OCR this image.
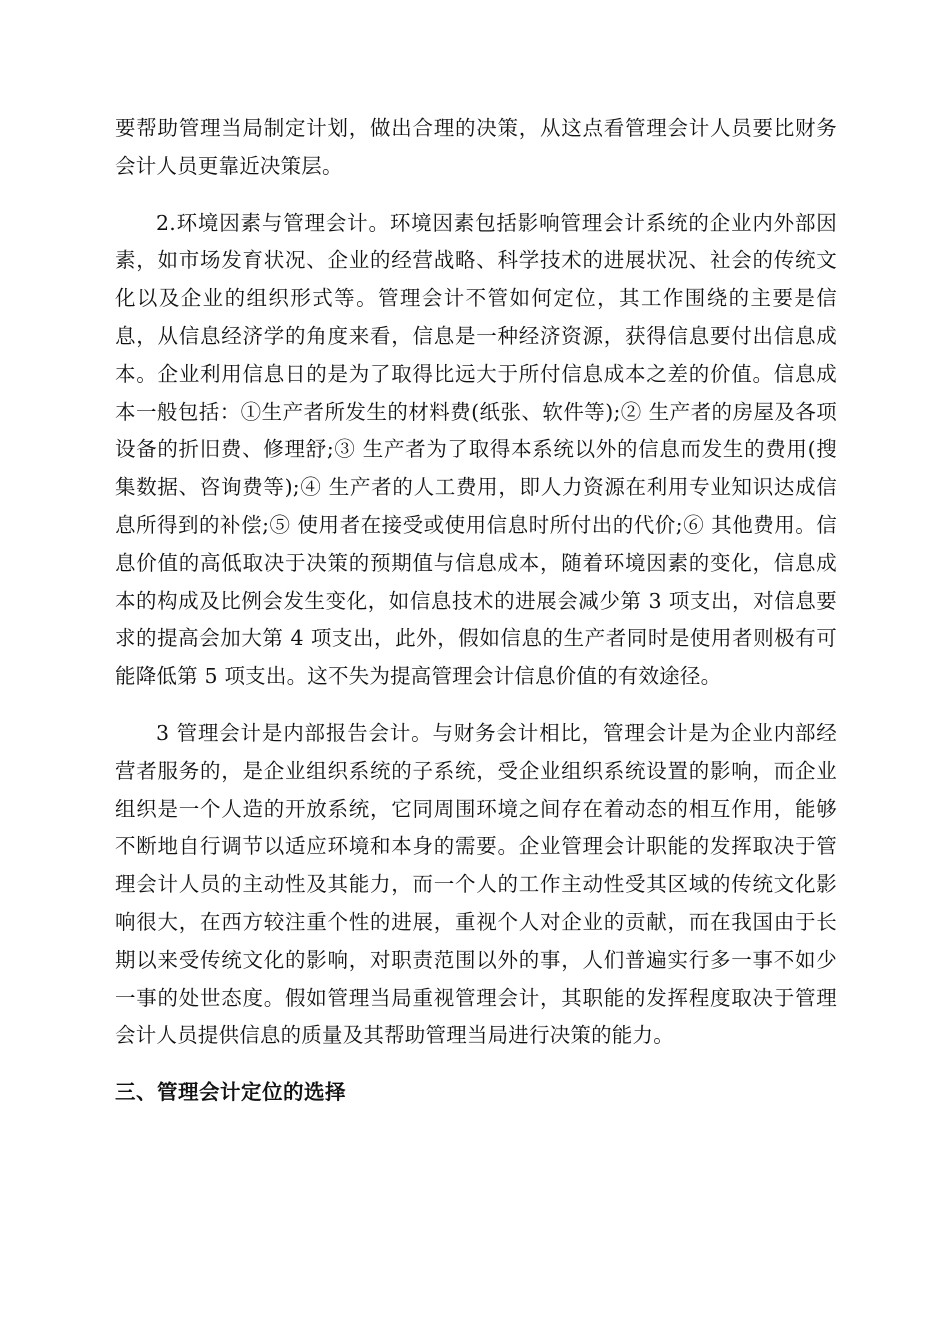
要帮助管理当局制定计划，做出合理的决策，从这点看管理会计人员要比财务会计人员更靠近决策层。

2.环境因素与管理会计。环境因素包括影响管理会计系统的企业内外部因素，如市场发育状况、企业的经营战略、科学技术的进展状况、社会的传统文化以及企业的组织形式等。管理会计不管如何定位，其工作围绕的主要是信息，从信息经济学的角度来看，信息是一种经济资源，获得信息要付出信息成本。企业利用信息日的是为了取得比远大于所付信息成本之差的价值。信息成本一般包括：①生产者所发生的材料费(纸张、软件等);② 生产者的房屋及各项设备的折旧费、修理舒;③ 生产者为了取得本系统以外的信息而发生的费用(搜集数据、咨询费等);④ 生产者的人工费用，即人力资源在利用专业知识达成信息所得到的补偿;⑤ 使用者在接受或使用信息时所付出的代价;⑥ 其他费用。信息价值的高低取决于决策的预期值与信息成本，随着环境因素的变化，信息成本的构成及比例会发生变化，如信息技术的进展会减少第 3 项支出，对信息要求的提高会加大第 4 项支出，此外，假如信息的生产者同时是使用者则极有可能降低第 5 项支出。这不失为提高管理会计信息价值的有效途径。

3 管理会计是内部报告会计。与财务会计相比，管理会计是为企业内部经营者服务的，是企业组织系统的子系统，受企业组织系统设置的影响，而企业组织是一个人造的开放系统，它同周围环境之间存在着动态的相互作用，能够不断地自行调节以适应环境和本身的需要。企业管理会计职能的发挥取决于管理会计人员的主动性及其能力，而一个人的工作主动性受其区域的传统文化影响很大，在西方较注重个性的进展，重视个人对企业的贡献，而在我国由于长期以来受传统文化的影响，对职责范围以外的事，人们普遍实行多一事不如少一事的处世态度。假如管理当局重视管理会计，其职能的发挥程度取决于管理会计人员提供信息的质量及其帮助管理当局进行决策的能力。

三、管理会计定位的选择
